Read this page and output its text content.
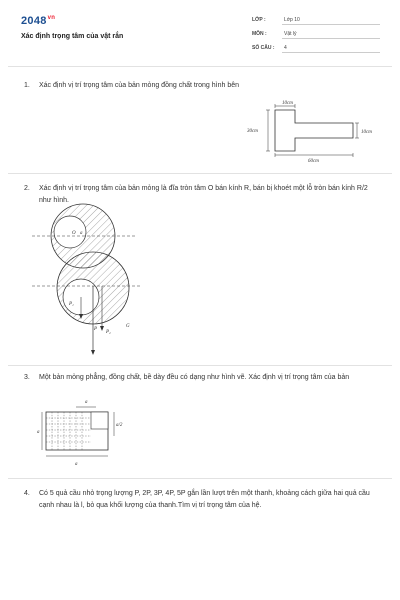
$2048^{vn}$
Xác định trọng tâm của vật rắn
LỚP :	Lớp 10
MÔN :	Vật lý
SỐ CÂU : 4
1. Xác định vị trí trọng tâm của bản mỏng đồng chất trong hình bên
10cm
30cm	10cm
60cm
2. Xác định vị trí trọng tâm của bản mỏng là đĩa tròn tâm O bán kính R, bán bị khoét một lỗ tròn bán kính R/2 như hình.
O a
P₁
P₂
P
G
3. Một bản mỏng phẳng, đồng chất, bề dày đều có dạng như hình vẽ. Xác định vị trí trọng tâm của bản
a
a
a/2
a
4. Có 5 quả cầu nhỏ trọng lượng P, 2P, 3P, 4P, 5P gắn lần lượt trên một thanh, khoảng cách giữa hai quả cầu cạnh nhau là l, bỏ qua khối lượng của thanh.Tìm vị trí trọng tâm của hệ.
